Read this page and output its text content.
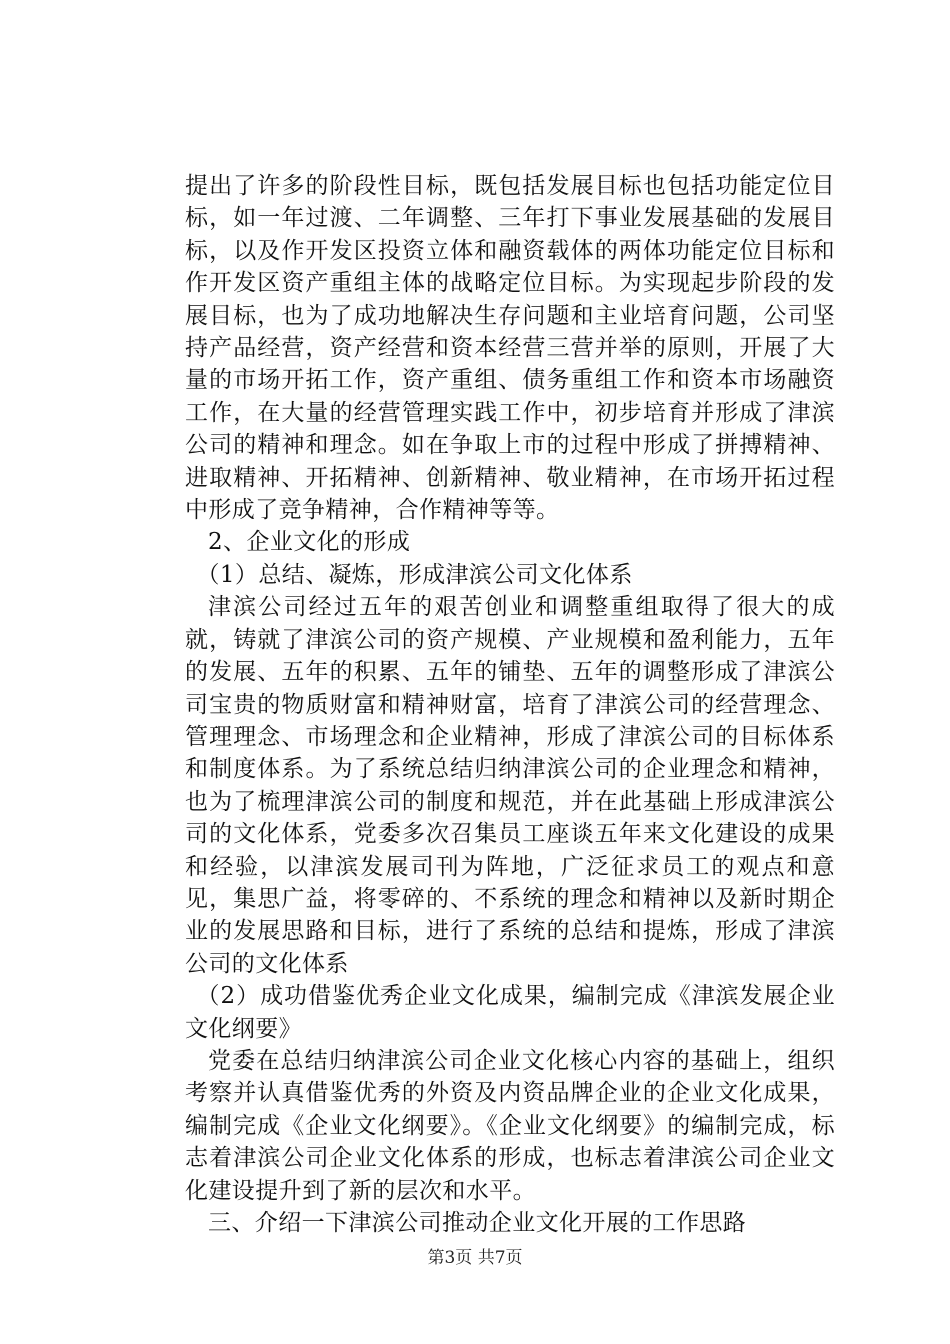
提出了许多的阶段性目标，既包括发展目标也包括功能定位目标，如一年过渡、二年调整、三年打下事业发展基础的发展目标，以及作开发区投资立体和融资载体的两体功能定位目标和作开发区资产重组主体的战略定位目标。为实现起步阶段的发展目标，也为了成功地解决生存问题和主业培育问题，公司坚持产品经营，资产经营和资本经营三营并举的原则，开展了大量的市场开拓工作，资产重组、债务重组工作和资本市场融资工作，在大量的经营管理实践工作中，初步培育并形成了津滨公司的精神和理念。如在争取上市的过程中形成了拼搏精神、进取精神、开拓精神、创新精神、敬业精神，在市场开拓过程中形成了竞争精神，合作精神等等。

2、企业文化的形成

（1）总结、凝炼，形成津滨公司文化体系

津滨公司经过五年的艰苦创业和调整重组取得了很大的成就，铸就了津滨公司的资产规模、产业规模和盈利能力，五年的发展、五年的积累、五年的铺垫、五年的调整形成了津滨公司宝贵的物质财富和精神财富，培育了津滨公司的经营理念、管理理念、市场理念和企业精神，形成了津滨公司的目标体系和制度体系。为了系统总结归纳津滨公司的企业理念和精神，也为了梳理津滨公司的制度和规范，并在此基础上形成津滨公司的文化体系，党委多次召集员工座谈五年来文化建设的成果和经验，以津滨发展司刊为阵地，广泛征求员工的观点和意见，集思广益，将零碎的、不系统的理念和精神以及新时期企业的发展思路和目标，进行了系统的总结和提炼，形成了津滨公司的文化体系

（2）成功借鉴优秀企业文化成果，编制完成《津滨发展企业文化纲要》

党委在总结归纳津滨公司企业文化核心内容的基础上，组织考察并认真借鉴优秀的外资及内资品牌企业的企业文化成果，编制完成《企业文化纲要》。《企业文化纲要》的编制完成，标志着津滨公司企业文化体系的形成，也标志着津滨公司企业文化建设提升到了新的层次和水平。

三、介绍一下津滨公司推动企业文化开展的工作思路

第3页 共7页
